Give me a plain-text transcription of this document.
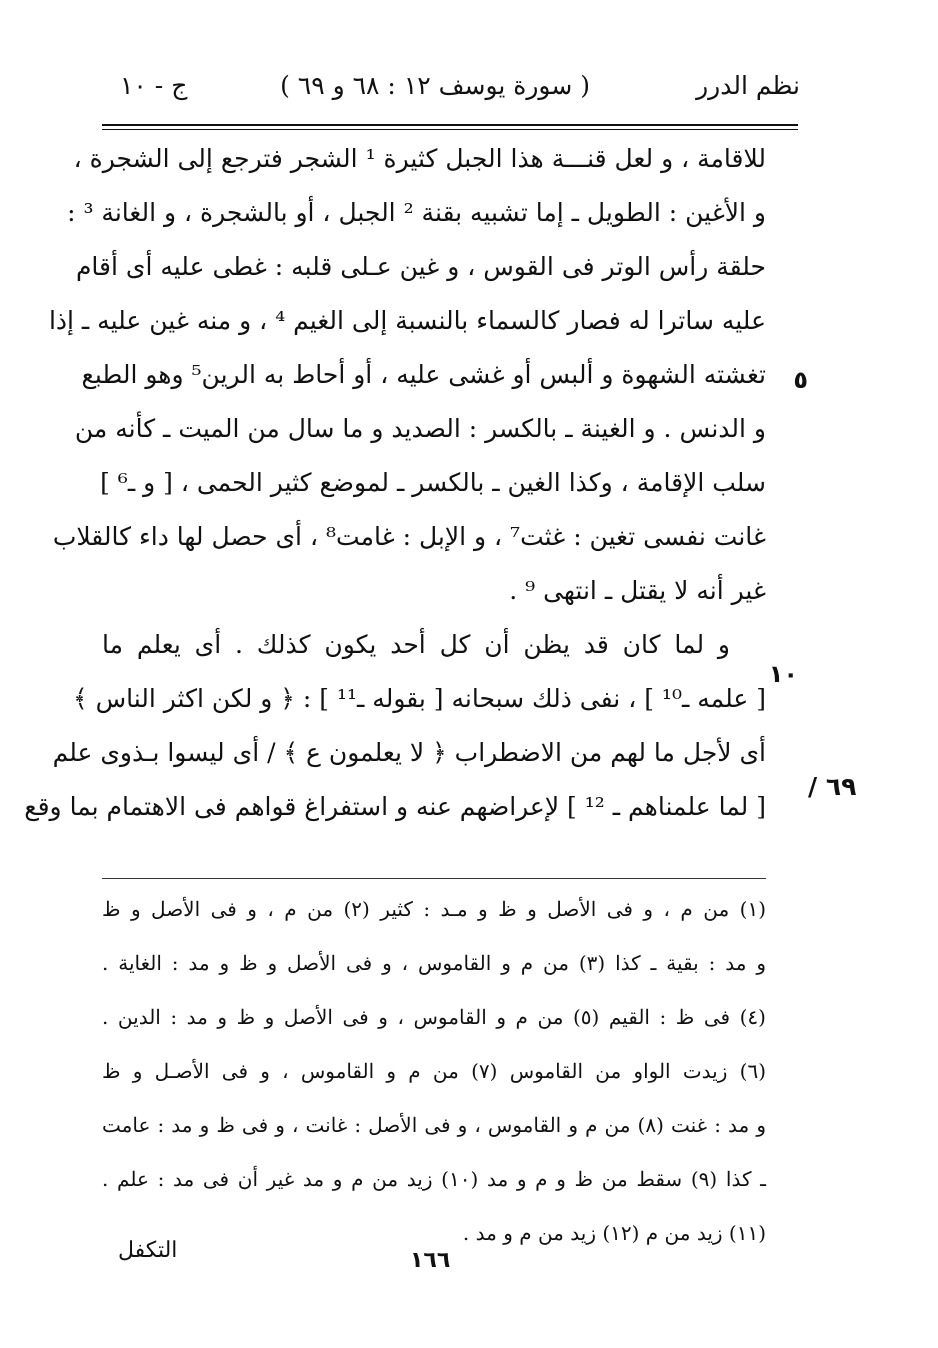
نظم الدرر
( سورة يوسف ١٢ : ٦٨ و ٦٩ )
ج - ١٠
للاقامة ، و لعل قنـــة هذا الجبل كثيرة ¹ الشجر فترجع إلى الشجرة ،
و الأغين : الطويل ـ إما تشبيه بقنة ² الجبل ، أو بالشجرة ، و الغانة ³ :
حلقة رأس الوتر فى القوس ، و غين عـلى قلبه : غطى عليه أى أقام
عليه ساترا له فصار كالسماء بالنسبة إلى الغيم ⁴ ، و منه غين عليه ـ إذا
تغشته الشهوة و ألبس أو غشى عليه ، أو أحاط به الرين⁵ وهو الطبع
و الدنس . و الغينة ـ بالكسر : الصديد و ما سال من الميت ـ كأنه من
سلب الإقامة ، وكذا الغين ـ بالكسر ـ لموضع كثير الحمى ، [ و ـ⁶ ]
غانت نفسى تغين : غثت⁷ ، و الإبل : غامت⁸ ، أى حصل لها داء كالقلاب
غير أنه لا يقتل ـ انتهى ⁹ .
و لما كان قد يظن أن كل أحد يكون كذلك . أى يعلم ما
[ علمه ـ¹⁰ ] ، نفى ذلك سبحانه [ بقوله ـ¹¹ ] : ﴿ و لكن اكثر الناس ﴾
أى لأجل ما لهم من الاضطراب ﴿ لا يعلمون ع ﴾ / أى ليسوا بـذوى علم
[ لما علمناهم ـ ¹² ] لإعراضهم عنه و استفراغ قواهم فى الاهتمام بما وقع
٥
١٠
/ ٦٩
(١) من م ، و فى الأصل و ظ و مـد : كثير (٢) من م ، و فى الأصل و ظ
و مد : بقية ـ كذا (٣) من م و القاموس ، و فى الأصل و ظ و مد : الغاية .
(٤) فى ظ : القيم (٥) من م و القاموس ، و فى الأصل و ظ و مد : الدين .
(٦) زيدت الواو من القاموس (٧) من م و القاموس ، و فى الأصـل و ظ
و مد : غنت (٨) من م و القاموس ، و فى الأصل : غانت ، و فى ظ و مد : عامت
ـ كذا (٩) سقط من ظ و م و مد (١٠) زيد من م و مد غير أن فى مد : علم .
(١١) زيد من م (١٢) زيد من م و مد .
التكفل	١٦٦
